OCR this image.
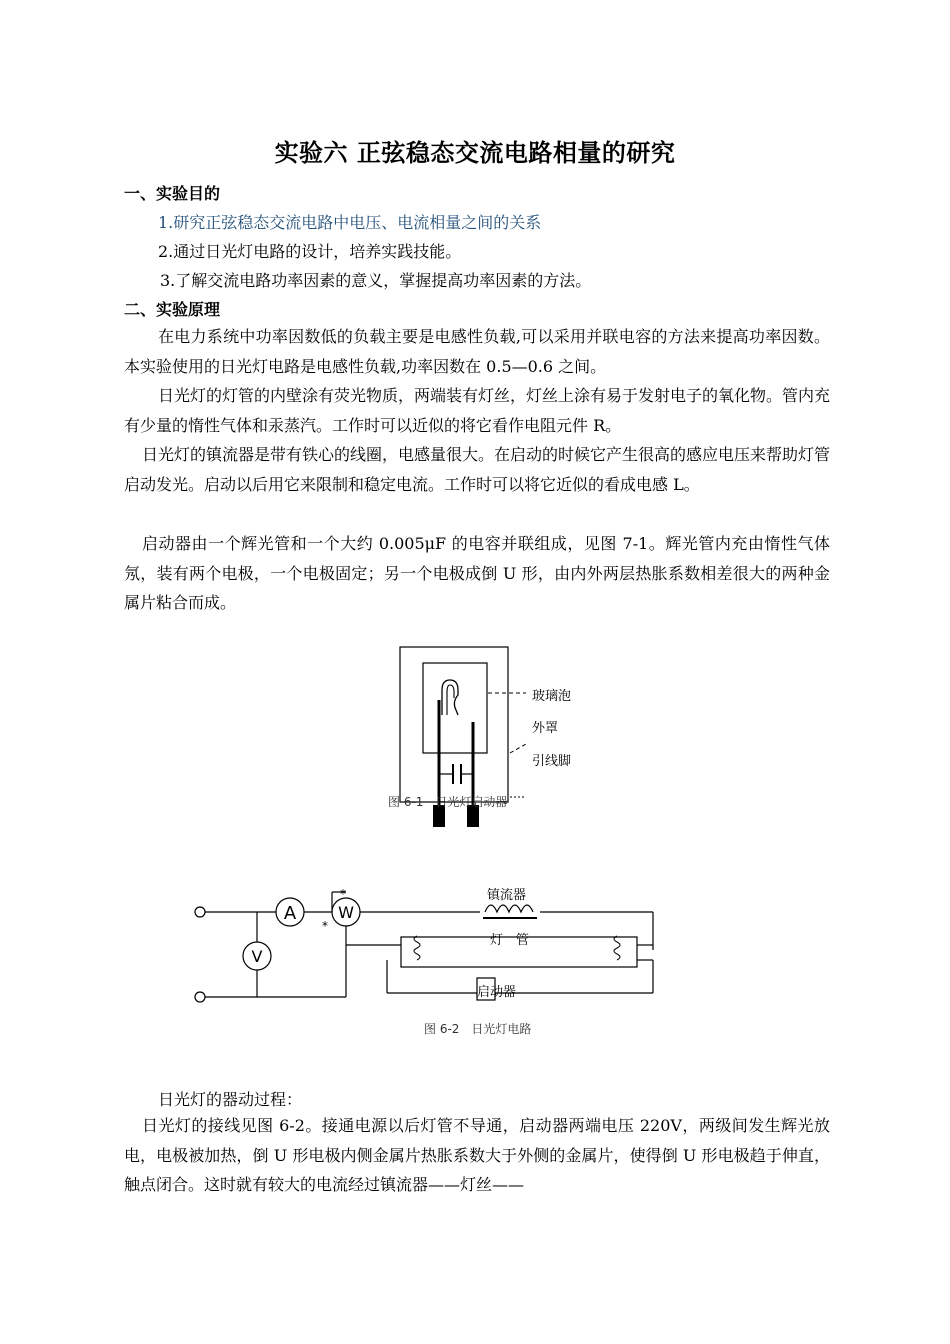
实验六 正弦稳态交流电路相量的研究
一、实验目的
1.研究正弦稳态交流电路中电压、电流相量之间的关系
2.通过日光灯电路的设计，培养实践技能。
3.了解交流电路功率因素的意义，掌握提高功率因素的方法。
二、实验原理
在电力系统中功率因数低的负载主要是电感性负载,可以采用并联电容的方法来提高功率因数。本实验使用的日光灯电路是电感性负载,功率因数在 0.5—0.6 之间。
日光灯的灯管的内壁涂有荧光物质，两端装有灯丝，灯丝上涂有易于发射电子的氧化物。管内充有少量的惰性气体和汞蒸汽。工作时可以近似的将它看作电阻元件 R。
日光灯的镇流器是带有铁心的线圈，电感量很大。在启动的时候它产生很高的感应电压来帮助灯管启动发光。启动以后用它来限制和稳定电流。工作时可以将它近似的看成电感 L。
启动器由一个辉光管和一个大约 0.005μF 的电容并联组成，见图 7-1。辉光管内充由惰性气体氖，装有两个电极，一个电极固定；另一个电极成倒 U 形，由内外两层热胀系数相差很大的两种金属片粘合而成。
玻璃泡
外罩
引线脚
图 6-1　日光灯启动器
A	W
V
*
*
镇流器
灯　管
启动器
图 6-2　日光灯电路
日光灯的器动过程：
日光灯的接线见图 6-2。接通电源以后灯管不导通，启动器两端电压 220V，两级间发生辉光放电，电极被加热，倒 U 形电极内侧金属片热胀系数大于外侧的金属片，使得倒 U 形电极趋于伸直，触点闭合。这时就有较大的电流经过镇流器——灯丝——
